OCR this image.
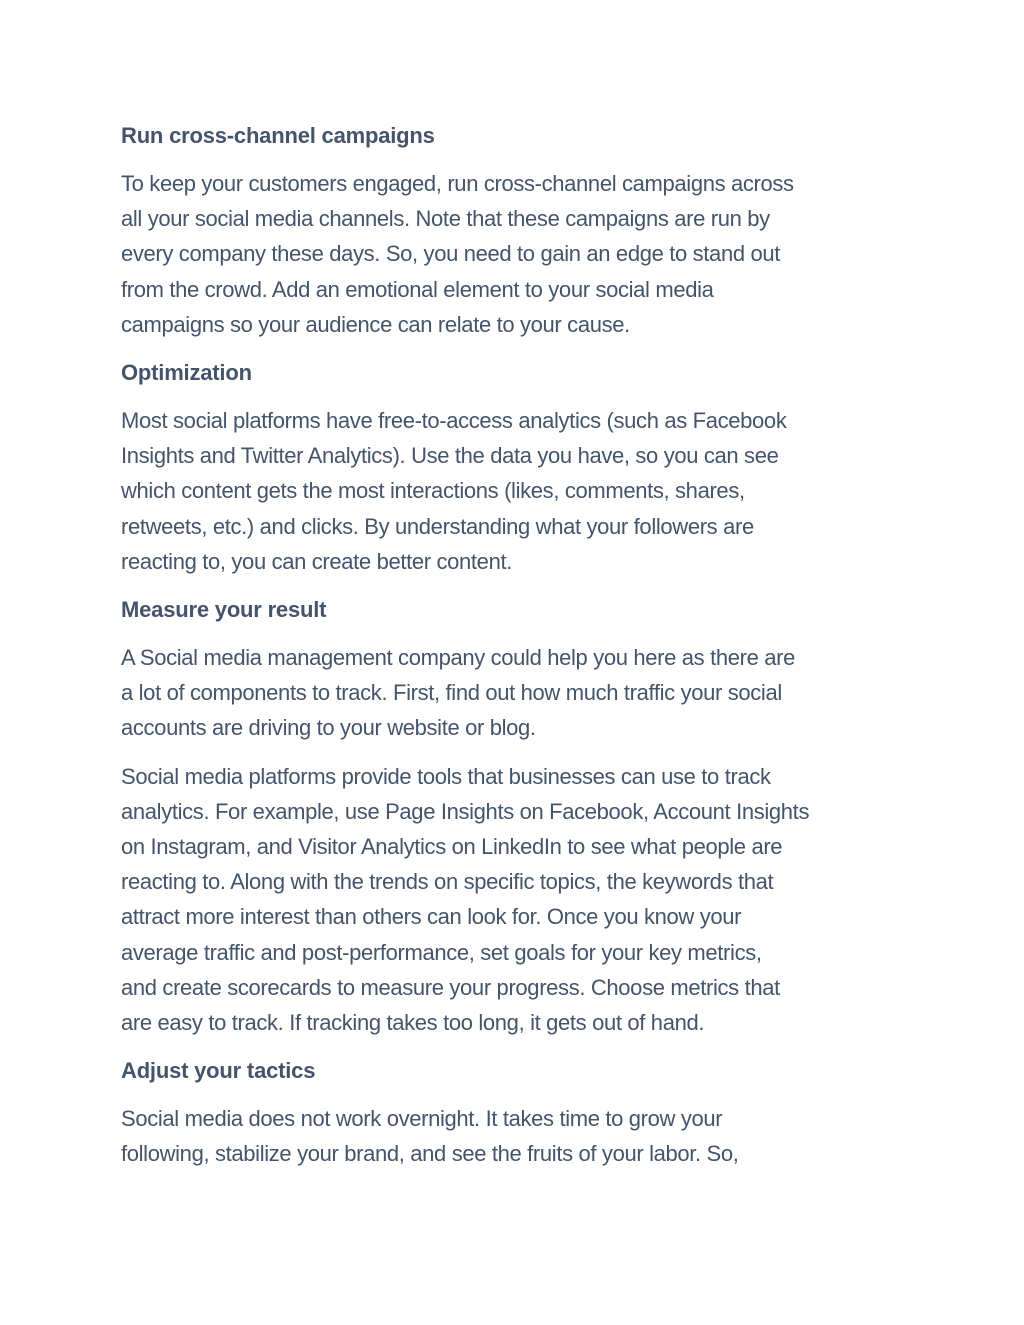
Run cross-channel campaigns

To keep your customers engaged, run cross-channel campaigns across
all your social media channels. Note that these campaigns are run by
every company these days. So, you need to gain an edge to stand out
from the crowd. Add an emotional element to your social media
campaigns so your audience can relate to your cause.

Optimization

Most social platforms have free-to-access analytics (such as Facebook
Insights and Twitter Analytics). Use the data you have, so you can see
which content gets the most interactions (likes, comments, shares,
retweets, etc.) and clicks. By understanding what your followers are
reacting to, you can create better content.

Measure your result

A Social media management company could help you here as there are
a lot of components to track. First, find out how much traffic your social
accounts are driving to your website or blog.

Social media platforms provide tools that businesses can use to track
analytics. For example, use Page Insights on Facebook, Account Insights
on Instagram, and Visitor Analytics on LinkedIn to see what people are
reacting to. Along with the trends on specific topics, the keywords that
attract more interest than others can look for. Once you know your
average traffic and post-performance, set goals for your key metrics,
and create scorecards to measure your progress. Choose metrics that
are easy to track. If tracking takes too long, it gets out of hand.

Adjust your tactics

Social media does not work overnight. It takes time to grow your
following, stabilize your brand, and see the fruits of your labor. So,
